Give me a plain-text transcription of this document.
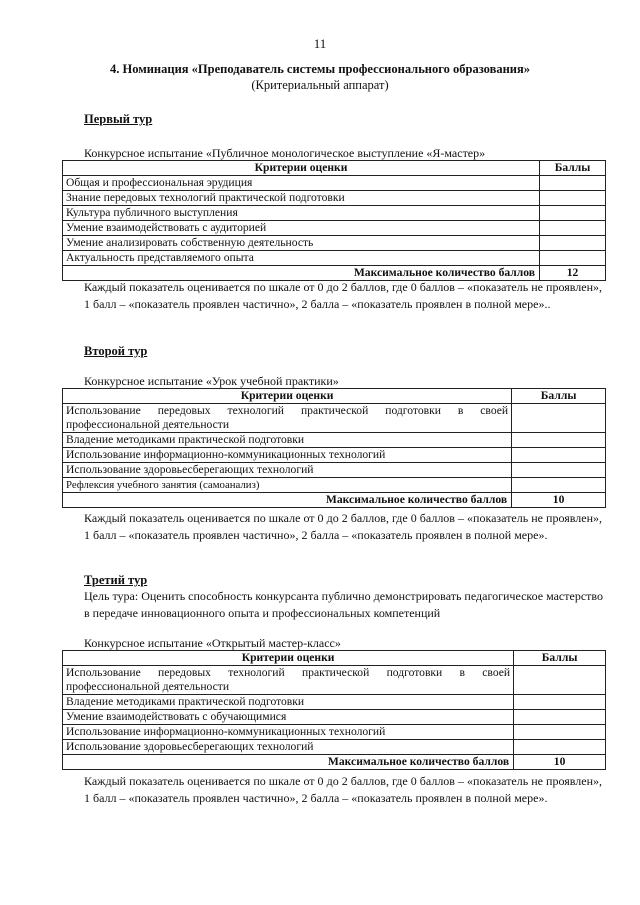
11
4. Номинация «Преподаватель системы профессионального образования»
(Критериальный аппарат)
Первый тур
Конкурсное испытание «Публичное монологическое выступление «Я-мастер»
Критерии оценки	Баллы
Общая и профессиональная эрудиция	
Знание передовых технологий практической подготовки	
Культура публичного выступления	
Умение взаимодействовать с аудиторией	
Умение анализировать собственную деятельность	
Актуальность представляемого опыта	
Максимальное количество баллов	12
Каждый показатель оценивается по шкале от 0 до 2 баллов, где 0 баллов – «показатель не проявлен», 1 балл – «показатель проявлен частично», 2 балла – «показатель проявлен в полной мере»..
Второй тур
Конкурсное испытание «Урок учебной практики»
Критерии оценки	Баллы
Использование передовых технологий практической подготовки в своей профессиональной деятельности	
Владение методиками практической подготовки	
Использование информационно-коммуникационных технологий	
Использование здоровьесберегающих технологий	
Рефлексия учебного занятия (самоанализ)	
Максимальное количество баллов	10
Каждый показатель оценивается по шкале от 0 до 2 баллов, где 0 баллов – «показатель не проявлен», 1 балл – «показатель проявлен частично», 2 балла – «показатель проявлен в полной мере».
Третий тур
Цель тура: Оценить способность конкурсанта публично демонстрировать педагогическое мастерство в передаче инновационного опыта и профессиональных компетенций
Конкурсное испытание «Открытый мастер-класс»
Критерии оценки	Баллы
Использование передовых технологий практической подготовки в своей профессиональной деятельности	
Владение методиками практической подготовки	
Умение взаимодействовать с обучающимися	
Использование информационно-коммуникационных технологий	
Использование здоровьесберегающих технологий	
Максимальное количество баллов	10
Каждый показатель оценивается по шкале от 0 до 2 баллов, где 0 баллов – «показатель не проявлен», 1 балл – «показатель проявлен частично», 2 балла – «показатель проявлен в полной мере».
